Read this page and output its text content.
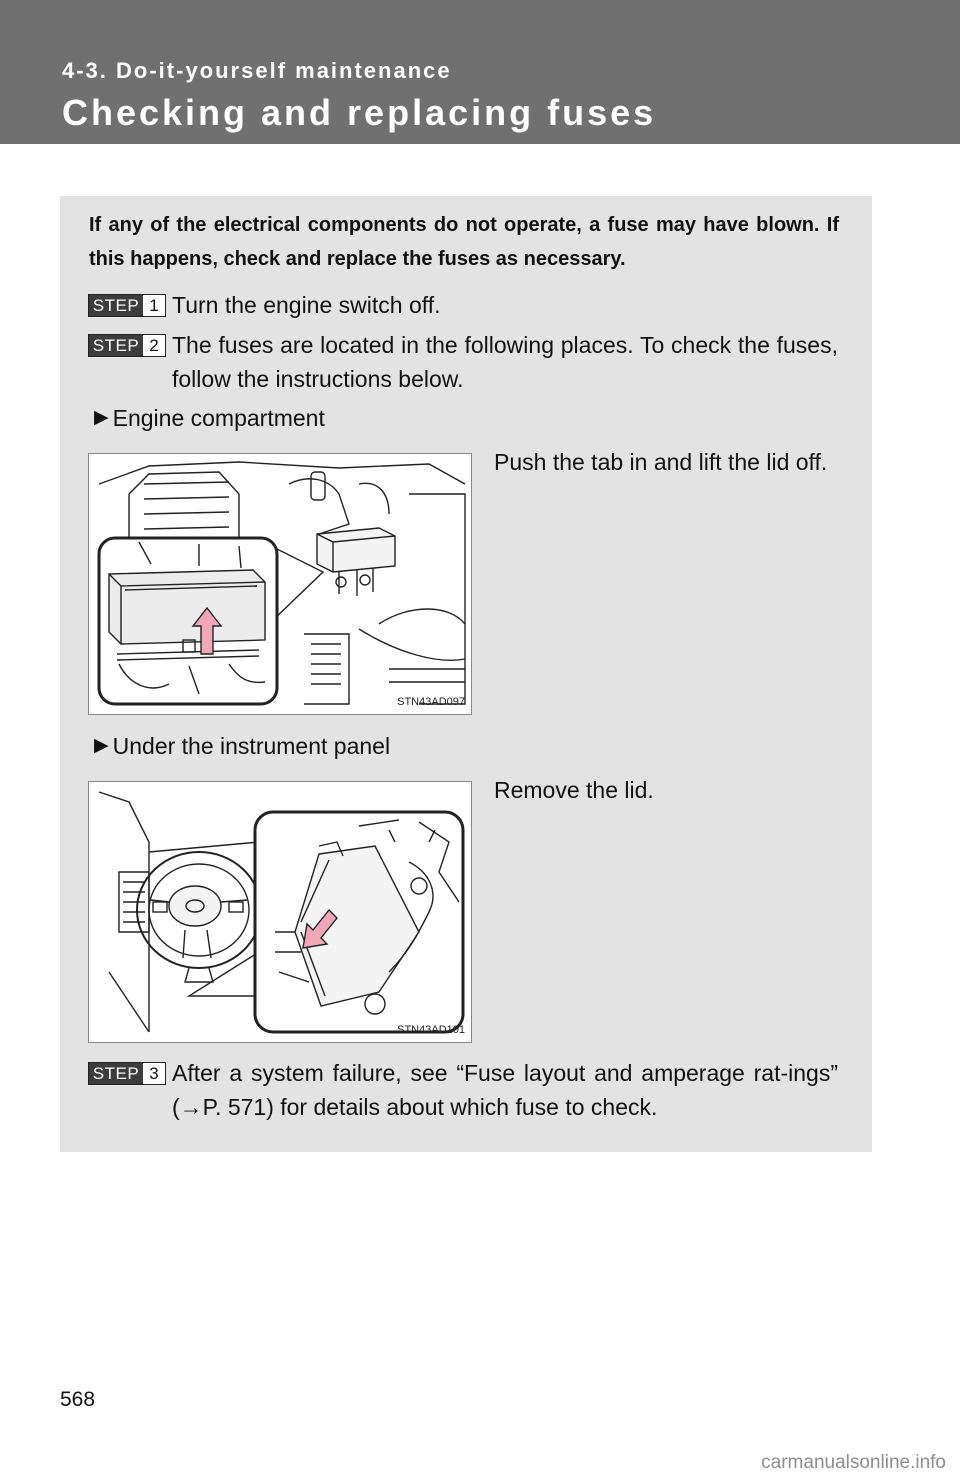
4-3. Do-it-yourself maintenance
Checking and replacing fuses
If any of the electrical components do not operate, a fuse may have blown. If this happens, check and replace the fuses as necessary.
STEP 1 Turn the engine switch off.
STEP 2 The fuses are located in the following places. To check the fuses, follow the instructions below.
▶ Engine compartment
STN43AD097
Push the tab in and lift the lid off.
▶ Under the instrument panel
STN43AD101
Remove the lid.
STEP 3 After a system failure, see “Fuse layout and amperage rat-ings” (→P. 571) for details about which fuse to check.
568
carmanualsonline.info
